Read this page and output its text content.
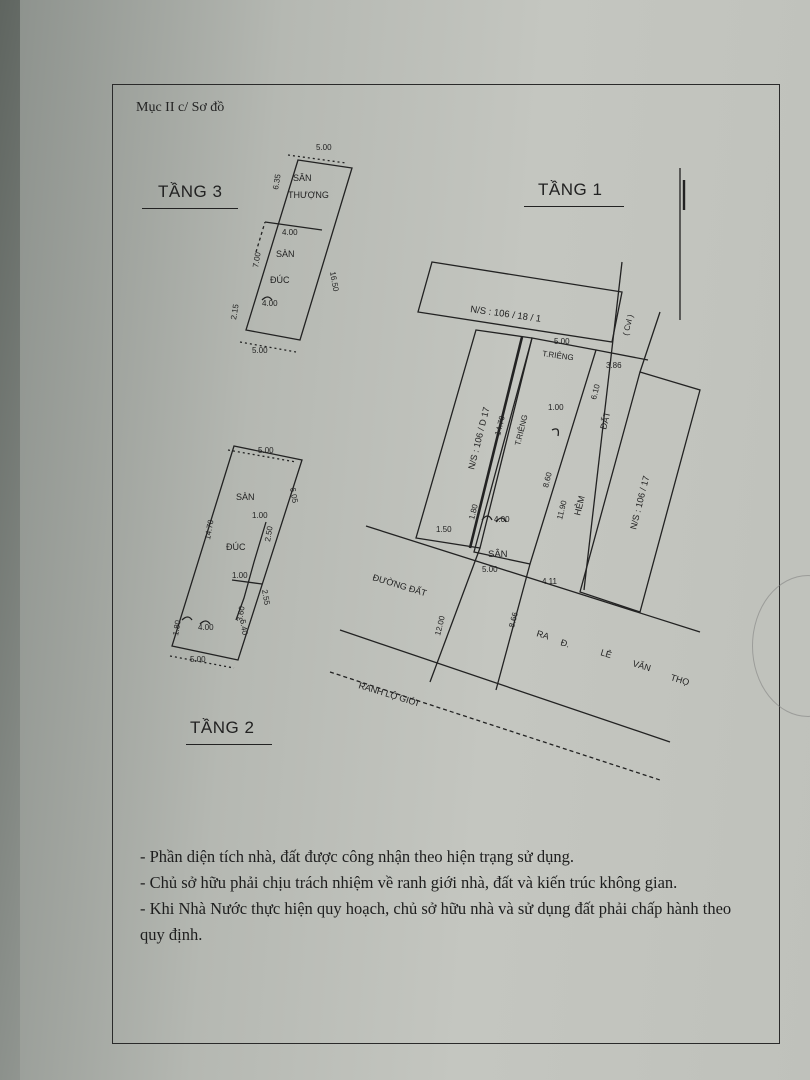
Mục II c/ Sơ đồ
TẦNG 3	TẦNG 1
TẦNG 2
5.00
SÂN
THƯỢNG
6.35
4.00
SÀN
ĐÚC
7.00
16.50
2.15	4.00
5.00
5.00
SÀN
ĐÚC
14.70
6.05
1.00
2.50
1.00
2.55
3.60
5.40
1.80 4.00
5.00
N/S : 106 / 18 / 1
5.00
T.RIÊNG
3.86
( Cvl )
N/S : 106 / D 17 14.70 T.RIÊNG
1.00
6.10
ĐẤT
8.60
11.90 HẺM	N/S : 106 / 17
1.80
1.50
4.00
SÂN
5.00
4.11
ĐƯỜNG ĐẤT
12.00	8.66
RA
Đ.
LÊ
VĂN
THỌ
RANH LỘ GIỚI

- Phần diện tích nhà, đất được công nhận theo hiện trạng sử dụng.

- Chủ sở hữu phải chịu trách nhiệm về ranh giới nhà, đất và kiến trúc không gian.

- Khi Nhà Nước thực hiện quy hoạch, chủ sở hữu nhà và sử dụng đất phải chấp hành theo quy định.
